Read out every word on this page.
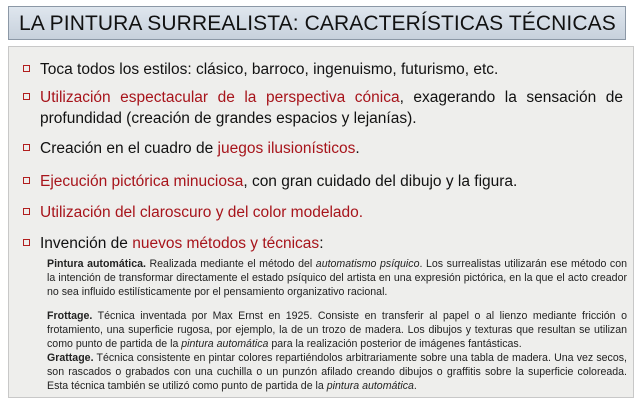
LA PINTURA SURREALISTA: CARACTERÍSTICAS TÉCNICAS
Toca todos los estilos: clásico, barroco, ingenuismo, futurismo, etc.
Utilización espectacular de la perspectiva cónica, exagerando la sensación de profundidad (creación de grandes espacios y lejanías).
Creación en el cuadro de juegos ilusionísticos.
Ejecución pictórica minuciosa, con gran cuidado del dibujo y la figura.
Utilización del claroscuro y del color modelado.
Invención de nuevos métodos y técnicas:
Pintura automática. Realizada mediante el método del automatismo psíquico. Los surrealistas utilizarán ese método con la intención de transformar directamente el estado psíquico del artista en una expresión pictórica, en la que el acto creador no sea influido estilísticamente por el pensamiento organizativo racional.
Frottage. Técnica inventada por Max Ernst en 1925. Consiste en transferir al papel o al lienzo mediante fricción o frotamiento, una superficie rugosa, por ejemplo, la de un trozo de madera. Los dibujos y texturas que resultan se utilizan como punto de partida de la pintura automática para la realización posterior de imágenes fantásticas.
Grattage. Técnica consistente en pintar colores repartiéndolos arbitrariamente sobre una tabla de madera. Una vez secos, son rascados o grabados con una cuchilla o un punzón afilado creando dibujos o graffitis sobre la superficie coloreada. Esta técnica también se utilizó como punto de partida de la pintura automática.
